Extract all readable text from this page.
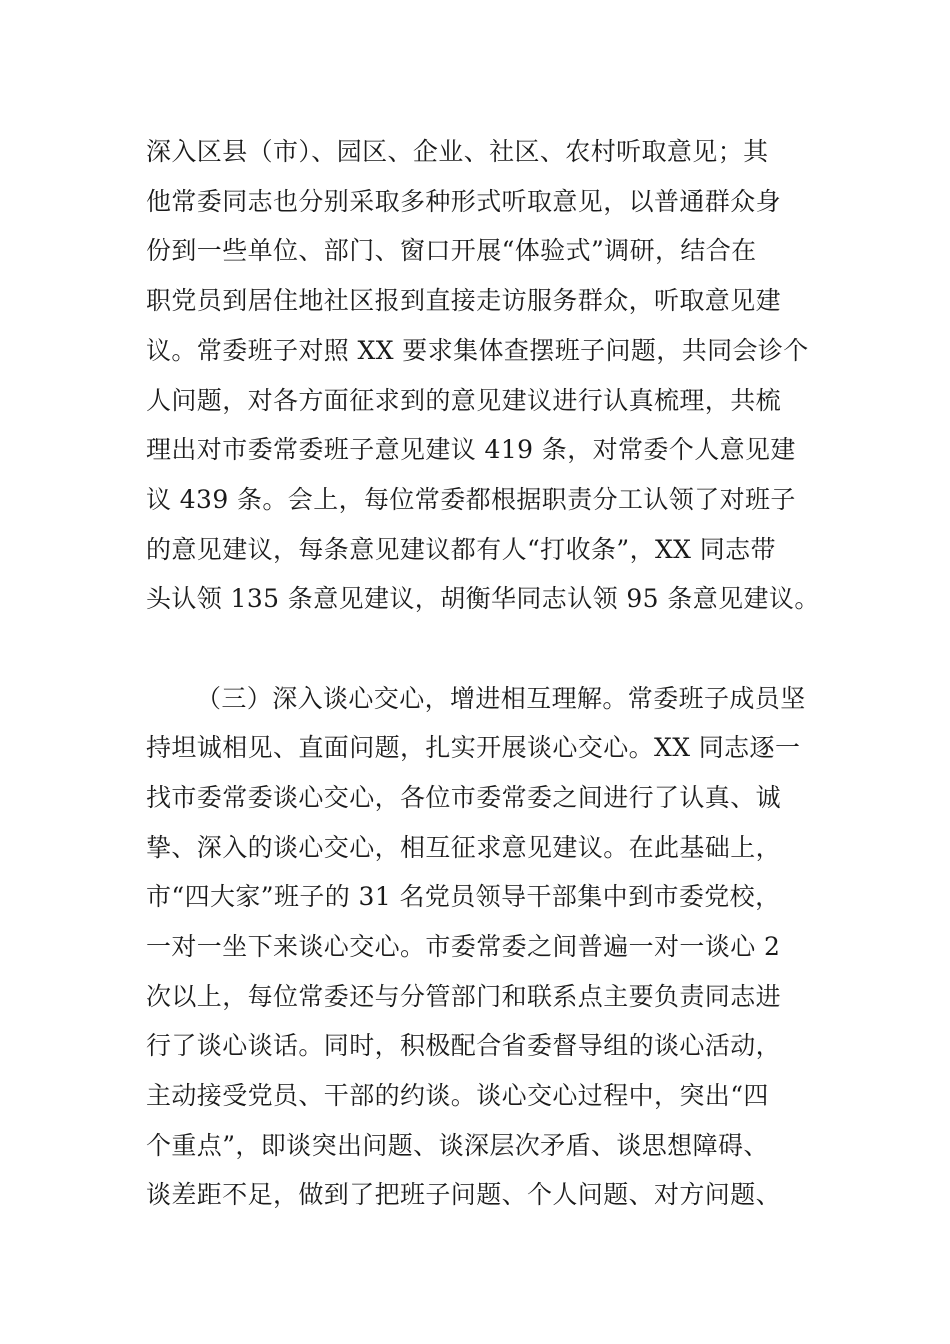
深入区县（市）、园区、企业、社区、农村听取意见；其
他常委同志也分别采取多种形式听取意见，以普通群众身
份到一些单位、部门、窗口开展“体验式”调研，结合在
职党员到居住地社区报到直接走访服务群众，听取意见建
议。常委班子对照 XX 要求集体查摆班子问题，共同会诊个
人问题，对各方面征求到的意见建议进行认真梳理，共梳
理出对市委常委班子意见建议 419 条，对常委个人意见建
议 439 条。会上，每位常委都根据职责分工认领了对班子
的意见建议，每条意见建议都有人“打收条”，XX 同志带
头认领 135 条意见建议，胡衡华同志认领 95 条意见建议。
（三）深入谈心交心，增进相互理解。常委班子成员坚
持坦诚相见、直面问题，扎实开展谈心交心。XX 同志逐一
找市委常委谈心交心，各位市委常委之间进行了认真、诚
挚、深入的谈心交心，相互征求意见建议。在此基础上，
市“四大家”班子的 31 名党员领导干部集中到市委党校，
一对一坐下来谈心交心。市委常委之间普遍一对一谈心 2
次以上，每位常委还与分管部门和联系点主要负责同志进
行了谈心谈话。同时，积极配合省委督导组的谈心活动，
主动接受党员、干部的约谈。谈心交心过程中，突出“四
个重点”，即谈突出问题、谈深层次矛盾、谈思想障碍、
谈差距不足，做到了把班子问题、个人问题、对方问题、
